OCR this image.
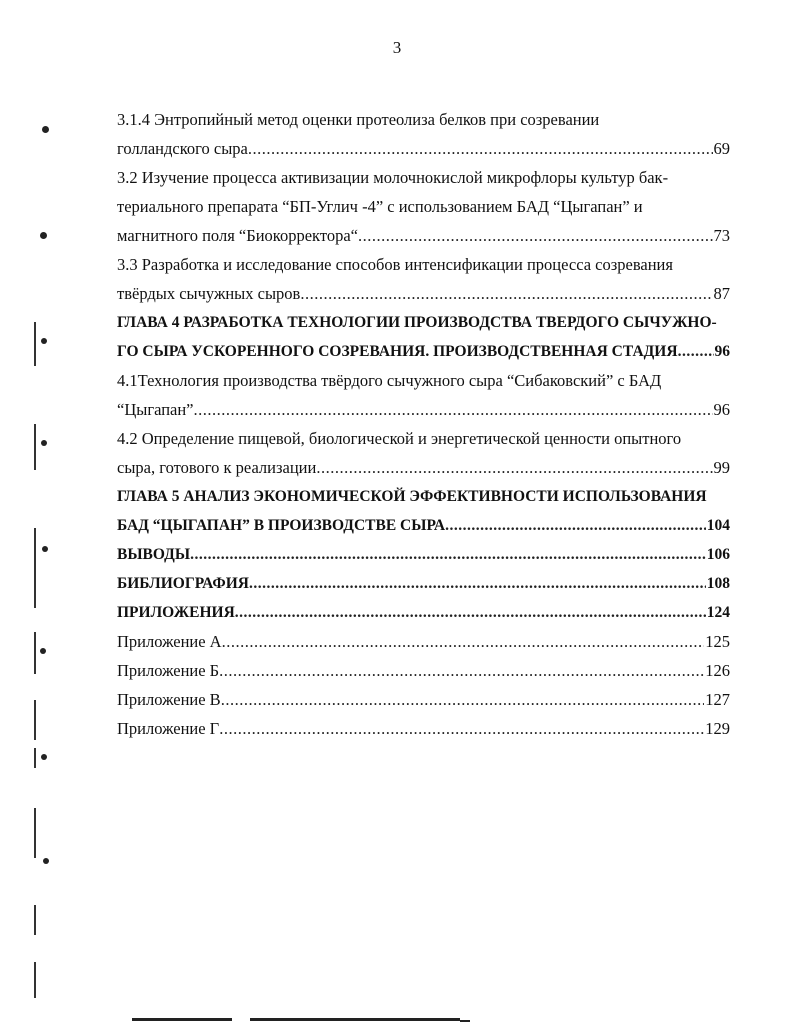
3
3.1.4 Энтропийный метод оценки протеолиза белков при созревании
голландского сыра .....	69
3.2 Изучение процесса активизации молочнокислой микрофлоры культур бак-
териального препарата “БП-Углич -4” с использованием БАД “Цыгапан” и
магнитного поля “Биокорректора“ .....	73
3.3 Разработка и исследование способов интенсификации процесса созревания
твёрдых сычужных сыров .....	87
ГЛАВА 4 РАЗРАБОТКА ТЕХНОЛОГИИ ПРОИЗВОДСТВА ТВЕРДОГО СЫЧУЖНО-
ГО СЫРА УСКОРЕННОГО СОЗРЕВАНИЯ. ПРОИЗВОДСТВЕННАЯ СТАДИЯ ..... 96
4.1Технология производства твёрдого сычужного сыра “Сибаковский” с БАД
“Цыгапан” .....	96
4.2 Определение пищевой, биологической и энергетической ценности опытного
сыра, готового к реализации .....	99
ГЛАВА 5 АНАЛИЗ ЭКОНОМИЧЕСКОЙ ЭФФЕКТИВНОСТИ ИСПОЛЬЗОВАНИЯ
БАД “ЦЫГАПАН” В ПРОИЗВОДСТВЕ СЫРА .....	104
ВЫВОДЫ .....	106
БИБЛИОГРАФИЯ .....	108
ПРИЛОЖЕНИЯ .....	124
Приложение А .....	125
Приложение Б .....	126
Приложение В .....	127
Приложение Г .....	129
